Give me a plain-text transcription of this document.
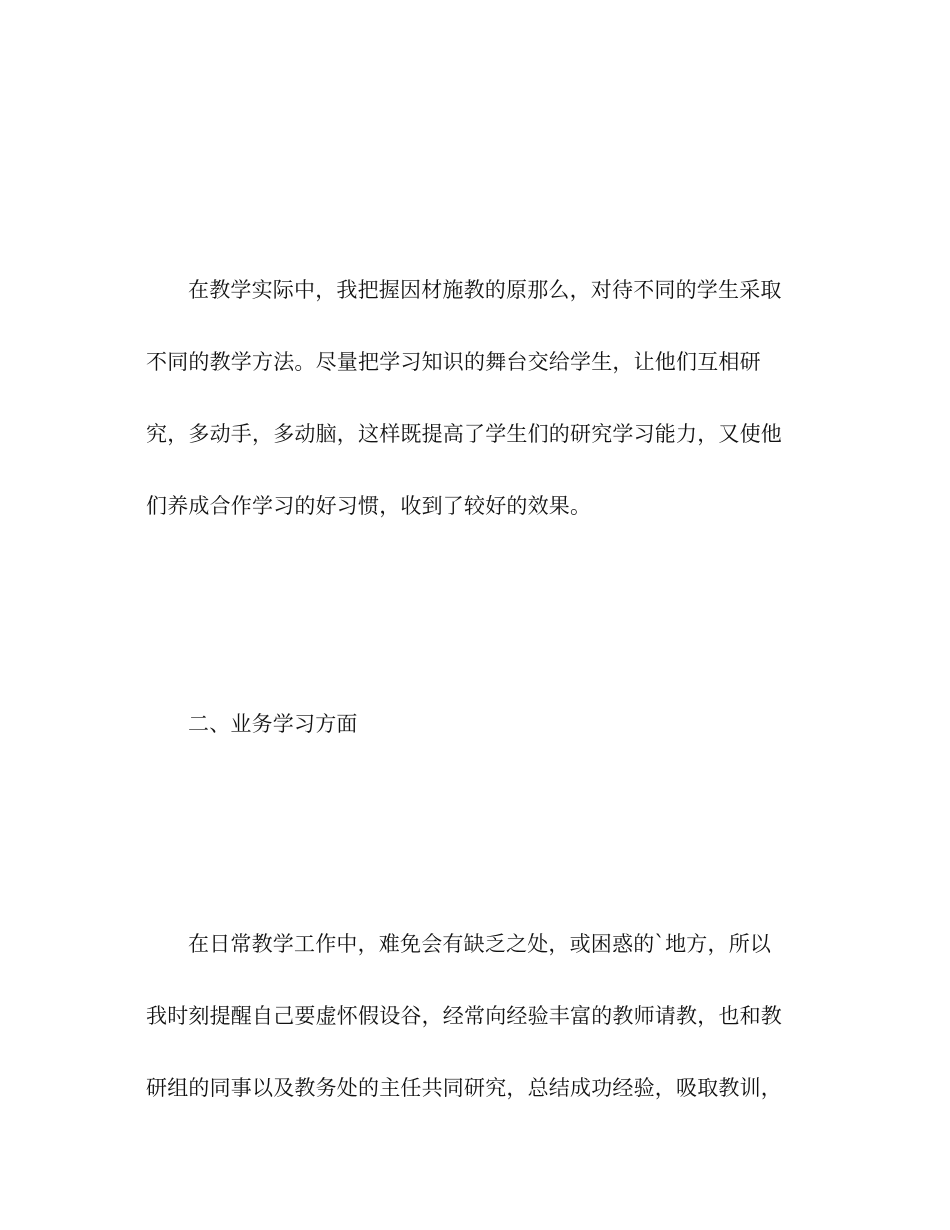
在教学实际中，我把握因材施教的原那么，对待不同的学生采取
不同的教学方法。尽量把学习知识的舞台交给学生，让他们互相研
究，多动手，多动脑，这样既提高了学生们的研究学习能力，又使他
们养成合作学习的好习惯，收到了较好的效果。
二、业务学习方面
在日常教学工作中，难免会有缺乏之处，或困惑的`地方，所以
我时刻提醒自己要虚怀假设谷，经常向经验丰富的教师请教，也和教
研组的同事以及教务处的主任共同研究，总结成功经验，吸取教训，
